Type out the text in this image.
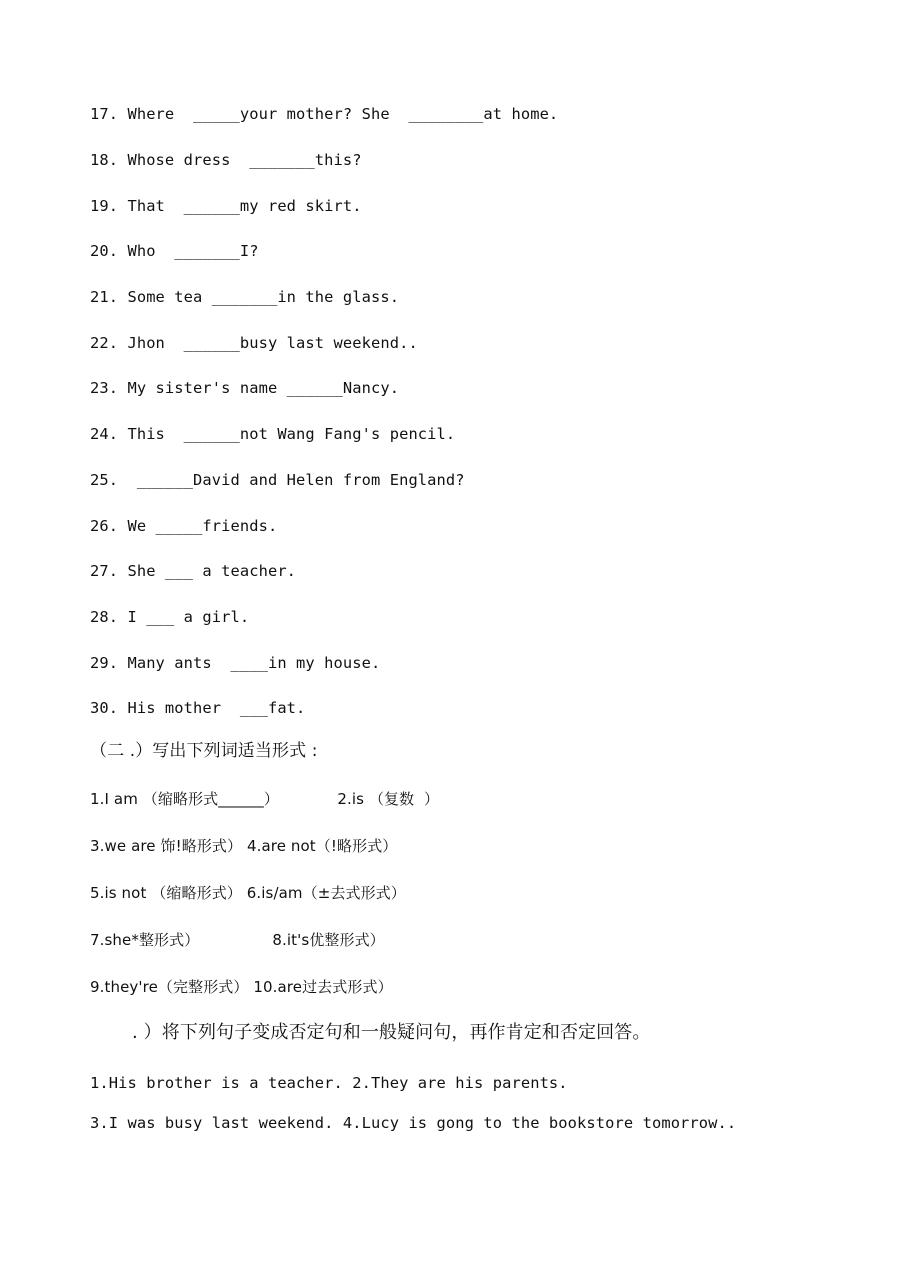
17. Where  _____your mother? She  ________at home.
18. Whose dress  _______this?
19. That  ______my red skirt.
20. Who  _______I?
21. Some tea _______in the glass.
22. Jhon  ______busy last weekend..
23. My sister's name ______Nancy.
24. This  ______not Wang Fang's pencil.
25.  ______David and Helen from England?
26. We _____friends.
27. She ___ a teacher.
28. I ___ a girl.
29. Many ants  ____in my house.
30. His mother  ___fat.
（二 .）写出下列词适当形式 :
1.I am （缩略形式______）            2.is （复数  ）
3.we are 饰!略形式） 4.are not（!略形式）
5.is not （缩略形式） 6.is/am（±去式形式）
7.she*整形式）               8.it's优整形式）
9.they're（完整形式） 10.are过去式形式）
. ）将下列句子变成否定句和一般疑问句，再作肯定和否定回答。
1.His brother is a teacher. 2.They are his parents.
3.I was busy last weekend. 4.Lucy is gong to the bookstore tomorrow..
